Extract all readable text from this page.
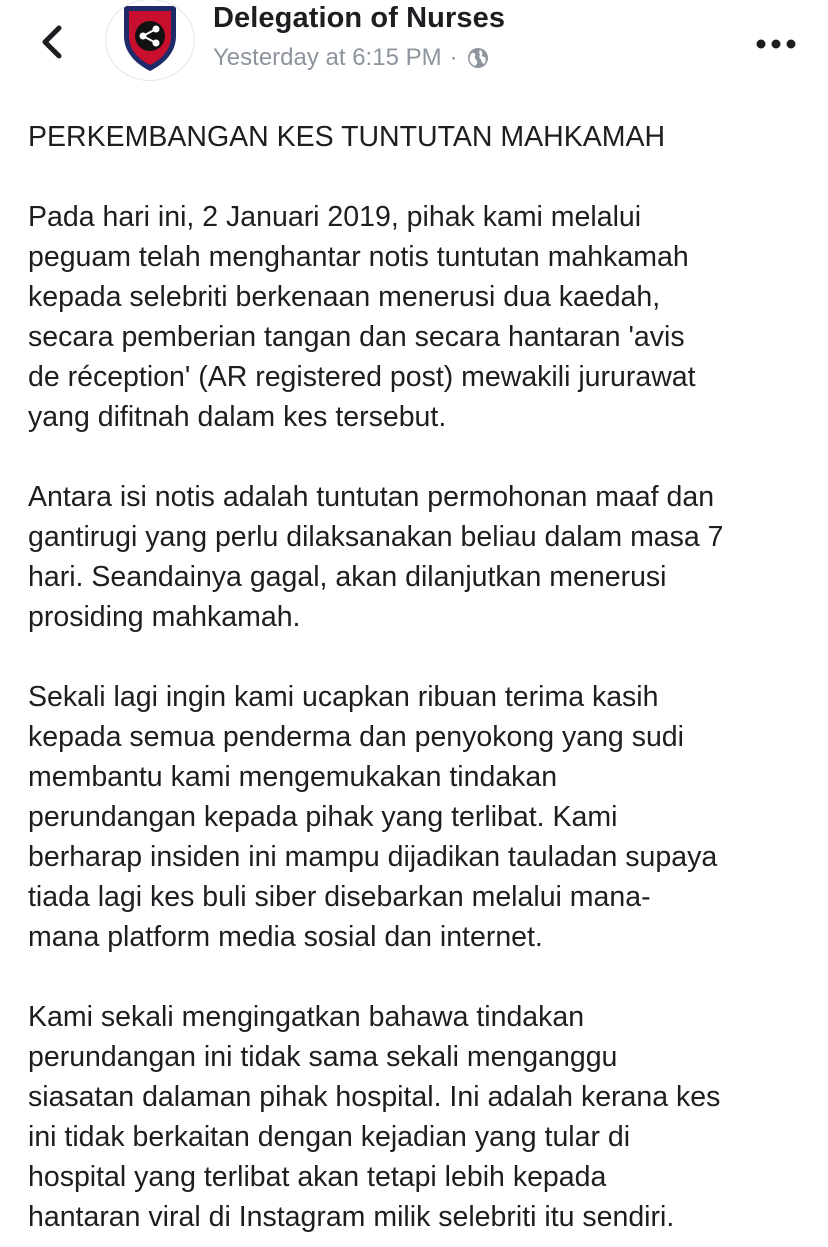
Delegation of Nurses
Yesterday at 6:15 PM ·

PERKEMBANGAN KES TUNTUTAN MAHKAMAH

Pada hari ini, 2 Januari 2019, pihak kami melalui
peguam telah menghantar notis tuntutan mahkamah
kepada selebriti berkenaan menerusi dua kaedah,
secara pemberian tangan dan secara hantaran 'avis
de réception' (AR registered post) mewakili jururawat
yang difitnah dalam kes tersebut.

Antara isi notis adalah tuntutan permohonan maaf dan
gantirugi yang perlu dilaksanakan beliau dalam masa 7
hari. Seandainya gagal, akan dilanjutkan menerusi
prosiding mahkamah.

Sekali lagi ingin kami ucapkan ribuan terima kasih
kepada semua penderma dan penyokong yang sudi
membantu kami mengemukakan tindakan
perundangan kepada pihak yang terlibat. Kami
berharap insiden ini mampu dijadikan tauladan supaya
tiada lagi kes buli siber disebarkan melalui mana-
mana platform media sosial dan internet.

Kami sekali mengingatkan bahawa tindakan
perundangan ini tidak sama sekali menganggu
siasatan dalaman pihak hospital. Ini adalah kerana kes
ini tidak berkaitan dengan kejadian yang tular di
hospital yang terlibat akan tetapi lebih kepada
hantaran viral di Instagram milik selebriti itu sendiri.
